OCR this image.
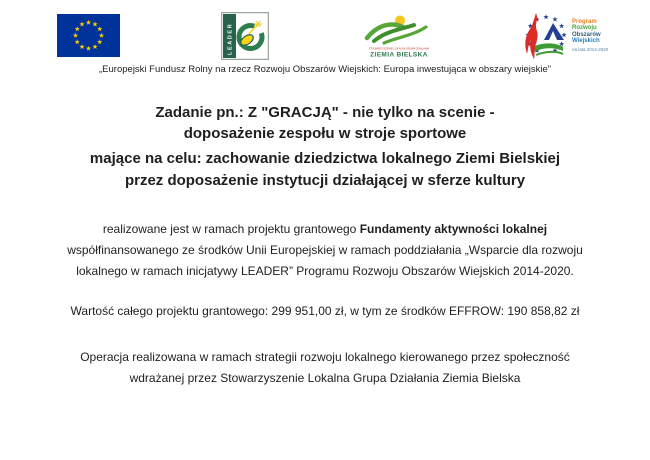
LEADER	STOWARZYSZENIE LOKALNA GRUPA DZIAŁANIA
ZIEMIA BIELSKA
Program
Rozwoju
Obszarów
Wiejskich
na lata 2014-2020
„Europejski Fundusz Rolny na rzecz Rozwoju Obszarów Wiejskich: Europa inwestująca w obszary wiejskie”
Zadanie pn.: Z "GRACJĄ" - nie tylko na scenie -
doposażenie zespołu w stroje sportowe
mające na celu: zachowanie dziedzictwa lokalnego Ziemi Bielskiej
przez doposażenie instytucji działającej w sferze kultury
realizowane jest w ramach projektu grantowego Fundamenty aktywności lokalnej
współfinansowanego ze środków Unii Europejskiej w ramach poddziałania „Wsparcie dla rozwoju
lokalnego w ramach inicjatywy LEADER” Programu Rozwoju Obszarów Wiejskich 2014-2020.
Wartość całego projektu grantowego: 299 951,00 zł, w tym ze środków EFFROW: 190 858,82 zł
Operacja realizowana w ramach strategii rozwoju lokalnego kierowanego przez społeczność
wdrażanej przez Stowarzyszenie Lokalna Grupa Działania Ziemia Bielska
